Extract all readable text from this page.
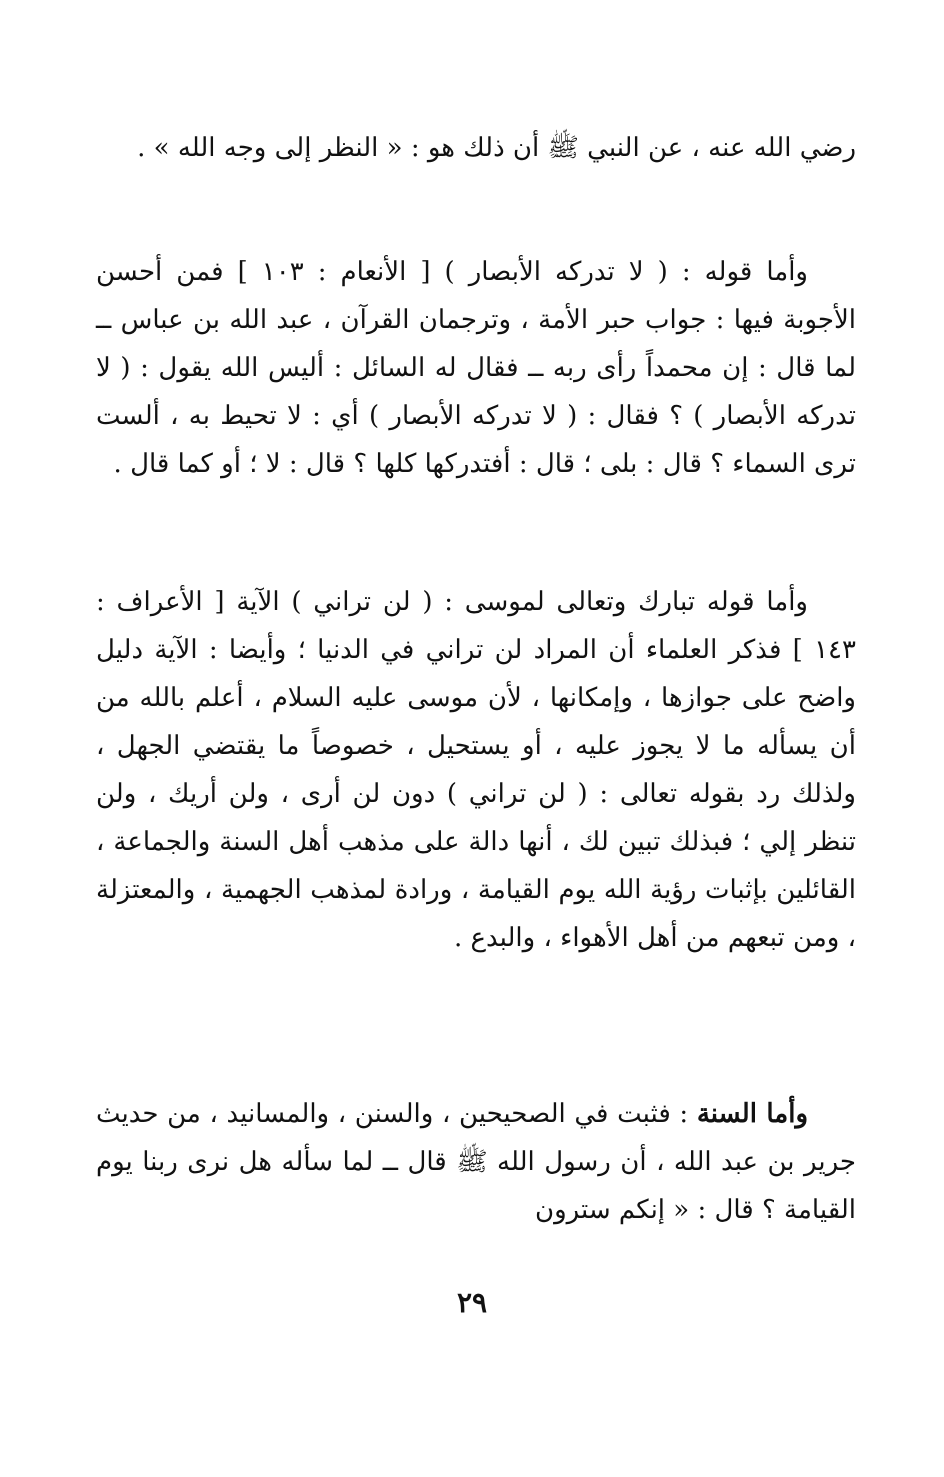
رضي الله عنه ، عن النبي ﷺ أن ذلك هو : « النظر إلى وجه الله » .

وأما قوله : ( لا تدركه الأبصار ) [ الأنعام : ١٠٣ ] فمن أحسن الأجوبة فيها : جواب حبر الأمة ، وترجمان القرآن ، عبد الله بن عباس ــ لما قال : إن محمداً رأى ربه ــ فقال له السائل : أليس الله يقول : ( لا تدركه الأبصار ) ؟ فقال : ( لا تدركه الأبصار ) أي : لا تحيط به ، ألست ترى السماء ؟ قال : بلى ؛ قال : أفتدركها كلها ؟ قال : لا ؛ أو كما قال .

وأما قوله تبارك وتعالى لموسى : ( لن تراني ) الآية [ الأعراف : ١٤٣ ] فذكر العلماء أن المراد لن تراني في الدنيا ؛ وأيضا : الآية دليل واضح على جوازها ، وإمكانها ، لأن موسى عليه السلام ، أعلم بالله من أن يسأله ما لا يجوز عليه ، أو يستحيل ، خصوصاً ما يقتضي الجهل ، ولذلك رد بقوله تعالى : ( لن تراني ) دون لن أرى ، ولن أريك ، ولن تنظر إلي ؛ فبذلك تبين لك ، أنها دالة على مذهب أهل السنة والجماعة ، القائلين بإثبات رؤية الله يوم القيامة ، ورادة لمذهب الجهمية ، والمعتزلة ، ومن تبعهم من أهل الأهواء ، والبدع .

وأما السنة : فثبت في الصحيحين ، والسنن ، والمسانيد ، من حديث جرير بن عبد الله ، أن رسول الله ﷺ قال ــ لما سأله هل نرى ربنا يوم القيامة ؟ قال : « إنكم سترون

٢٩
